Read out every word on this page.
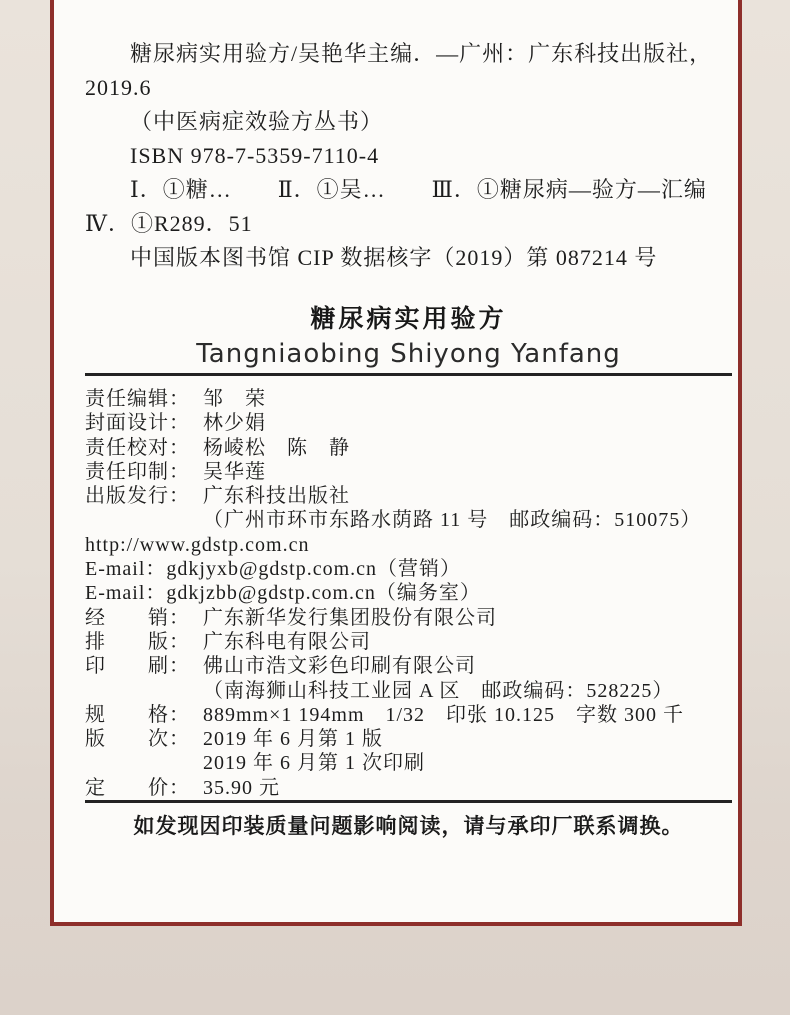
糖尿病实用验方/吴艳华主编．—广州：广东科技出版社，

2019.6

（中医病症效验方丛书）

ISBN 978-7-5359-7110-4

Ⅰ．①糖…　　Ⅱ．①吴…　　Ⅲ．①糖尿病—验方—汇编

Ⅳ．①R289．51

中国版本图书馆 CIP 数据核字（2019）第 087214 号

糖尿病实用验方
Tangniaobing Shiyong Yanfang

责任编辑： 邹　荣

封面设计： 林少娟

责任校对： 杨崚松　陈　静

责任印制： 吴华莲

出版发行： 广东科技出版社

（广州市环市东路水荫路 11 号　邮政编码：510075）

http://www.gdstp.com.cn

E-mail：gdkjyxb@gdstp.com.cn（营销）

E-mail：gdkjzbb@gdstp.com.cn（编务室）

经　　销： 广东新华发行集团股份有限公司

排　　版： 广东科电有限公司

印　　刷： 佛山市浩文彩色印刷有限公司

（南海狮山科技工业园 A 区　邮政编码：528225）

规　　格： 889mm×1 194mm　1/32　印张 10.125　字数 300 千

版　　次： 2019 年 6 月第 1 版

2019 年 6 月第 1 次印刷

定　　价： 35.90 元

如发现因印装质量问题影响阅读，请与承印厂联系调换。
